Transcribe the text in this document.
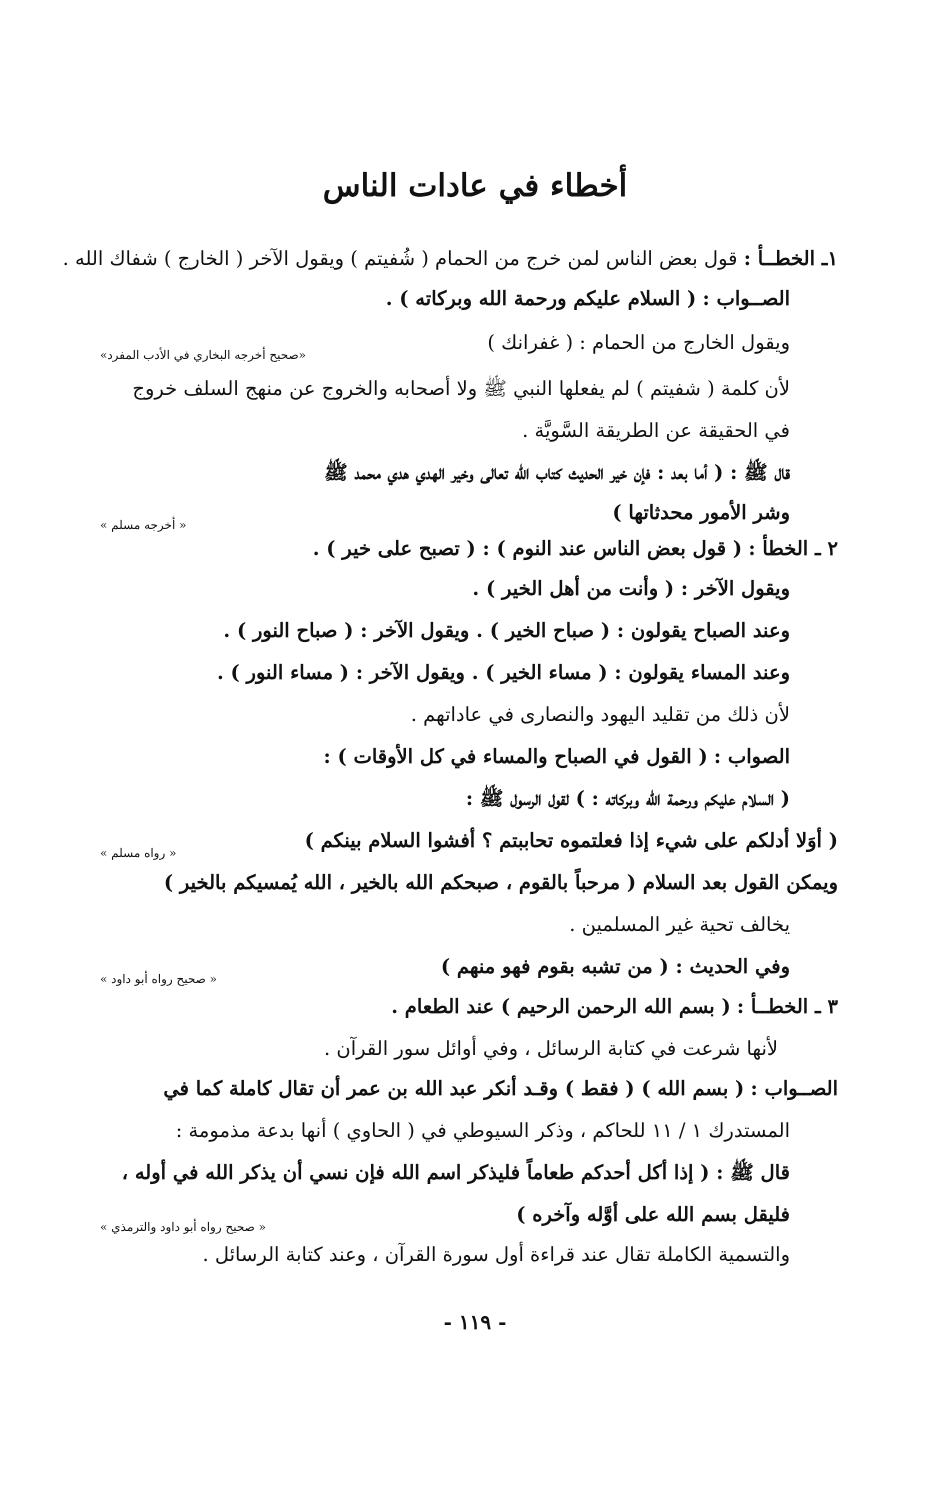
أخطاء في عادات الناس
١ـ الخطــأ : قول بعض الناس لمن خرج من الحمام ( شُفيتم ) ويقول الآخر ( الخارج ) شفاك الله .
الصــواب : ( السلام عليكم ورحمة الله وبركاته ) .
ويقول الخارج من الحمام : ( غفرانك )
«صحيح أخرجه البخاري في الأدب المفرد»
لأن كلمة ( شفيتم ) لم يفعلها النبي ﷺ ولا أصحابه والخروج عن منهج السلف خروج
في الحقيقة عن الطريقة السَّويَّة .
قال ﷺ : ( أما بعد : فإن خير الحديث كتاب الله تعالى وخير الهدي هدي محمد ﷺ
وشر الأمور محدثاتها )
« أخرجه مسلم »
٢ ـ الخطأ : ( قول بعض الناس عند النوم ) : ( تصبح على خير ) .
ويقول الآخر : ( وأنت من أهل الخير ) .
وعند الصباح يقولون : ( صباح الخير ) . ويقول الآخر : ( صباح النور ) .
وعند المساء يقولون : ( مساء الخير ) . ويقول الآخر : ( مساء النور ) .
لأن ذلك من تقليد اليهود والنصارى في عاداتهم .
الصواب : ( القول في الصباح والمساء في كل الأوقات ) :
( السلام عليكم ورحمة الله وبركاته : ) لقول الرسول ﷺ :
( أوَلا أدلكم على شيء إذا فعلتموه تحاببتم ؟ أفشوا السلام بينكم )
« رواه مسلم »
ويمكن القول بعد السلام ( مرحباً بالقوم ، صبحكم الله بالخير ، الله يُمسيكم بالخير )
يخالف تحية غير المسلمين .
وفي الحديث : ( من تشبه بقوم فهو منهم )
« صحيح رواه أبو داود »
٣ ـ الخطــأ : ( بسم الله الرحمن الرحيم ) عند الطعام .
لأنها شرعت في كتابة الرسائل ، وفي أوائل سور القرآن .
الصــواب : ( بسم الله ) ( فقط ) وقـد أنكر عبد الله بن عمر أن تقال كاملة كما في
المستدرك ١ / ١١ للحاكم ، وذكر السيوطي في ( الحاوي ) أنها بدعة مذمومة :
قال ﷺ : ( إذا أكل أحدكم طعاماً فليذكر اسم الله فإن نسي أن يذكر الله في أوله ،
فليقل بسم الله على أوَّله وآخره )
« صحيح رواه أبو داود والترمذي »
والتسمية الكاملة تقال عند قراءة أول سورة القرآن ، وعند كتابة الرسائل .
- ١١٩ -
